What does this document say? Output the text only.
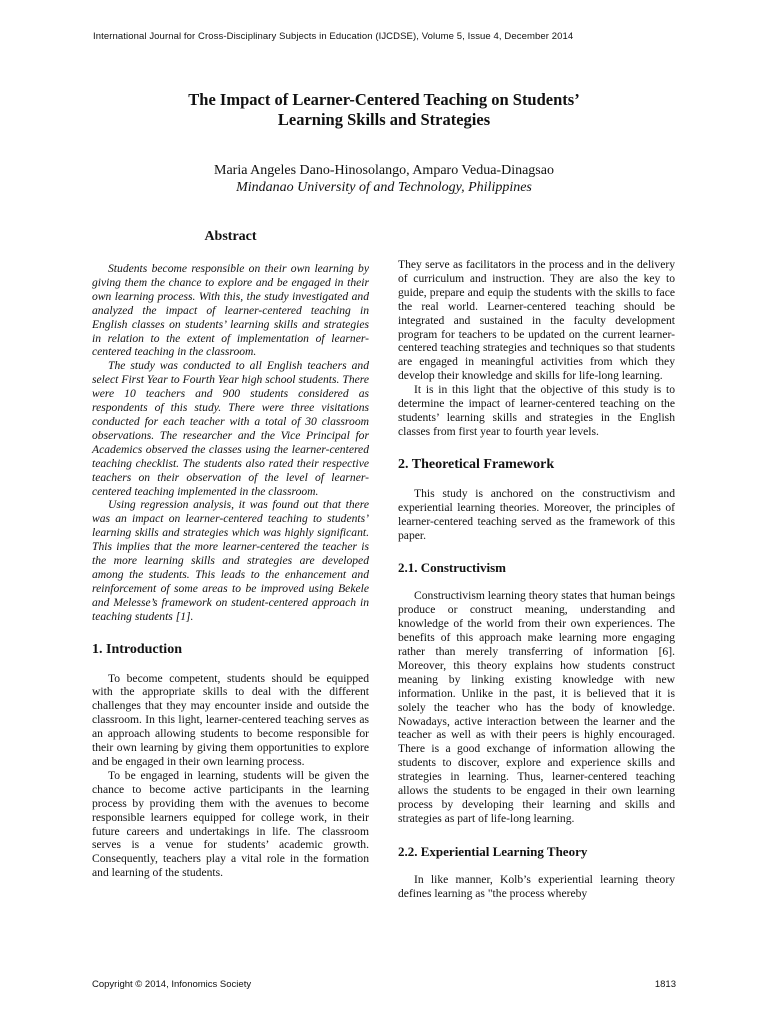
International Journal for Cross-Disciplinary Subjects in Education (IJCDSE), Volume 5, Issue 4, December 2014
The Impact of Learner-Centered Teaching on Students’
Learning Skills and Strategies
Maria Angeles Dano-Hinosolango, Amparo Vedua-Dinagsao
Mindanao University of and Technology, Philippines
Abstract

Students become responsible on their own learning by giving them the chance to explore and be engaged in their own learning process. With this, the study investigated and analyzed the impact of learner-centered teaching in English classes on students’ learning skills and strategies in relation to the extent of implementation of learner-centered teaching in the classroom.

The study was conducted to all English teachers and select First Year to Fourth Year high school students. There were 10 teachers and 900 students considered as respondents of this study. There were three visitations conducted for each teacher with a total of 30 classroom observations. The researcher and the Vice Principal for Academics observed the classes using the learner-centered teaching checklist. The students also rated their respective teachers on their observation of the level of learner-centered teaching implemented in the classroom.

Using regression analysis, it was found out that there was an impact on learner-centered teaching to students’ learning skills and strategies which was highly significant. This implies that the more learner-centered the teacher is the more learning skills and strategies are developed among the students. This leads to the enhancement and reinforcement of some areas to be improved using Bekele and Melesse’s framework on student-centered approach in teaching students [1].

1. Introduction

To become competent, students should be equipped with the appropriate skills to deal with the different challenges that they may encounter inside and outside the classroom. In this light, learner-centered teaching serves as an approach allowing students to become responsible for their own learning by giving them opportunities to explore and be engaged in their own learning process.

To be engaged in learning, students will be given the chance to become active participants in the learning process by providing them with the avenues to become responsible learners equipped for college work, in their future careers and undertakings in life. The classroom serves is a venue for students’ academic growth. Consequently, teachers play a vital role in the formation and learning of the students.

They serve as facilitators in the process and in the delivery of curriculum and instruction. They are also the key to guide, prepare and equip the students with the skills to face the real world. Learner-centered teaching should be integrated and sustained in the faculty development program for teachers to be updated on the current learner-centered teaching strategies and techniques so that students are engaged in meaningful activities from which they develop their knowledge and skills for life-long learning.

It is in this light that the objective of this study is to determine the impact of learner-centered teaching on the students’ learning skills and strategies in the English classes from first year to fourth year levels.

2. Theoretical Framework

This study is anchored on the constructivism and experiential learning theories. Moreover, the principles of learner-centered teaching served as the framework of this paper.

2.1. Constructivism

Constructivism learning theory states that human beings produce or construct meaning, understanding and knowledge of the world from their own experiences. The benefits of this approach make learning more engaging rather than merely transferring of information [6]. Moreover, this theory explains how students construct meaning by linking existing knowledge with new information. Unlike in the past, it is believed that it is solely the teacher who has the body of knowledge. Nowadays, active interaction between the learner and the teacher as well as with their peers is highly encouraged. There is a good exchange of information allowing the students to discover, explore and experience skills and strategies in learning. Thus, learner-centered teaching allows the students to be engaged in their own learning process by developing their learning and skills and strategies as part of life-long learning.

2.2. Experiential Learning Theory

In like manner, Kolb’s experiential learning theory defines learning as "the process whereby

Copyright © 2014, Infonomics Society	1813
